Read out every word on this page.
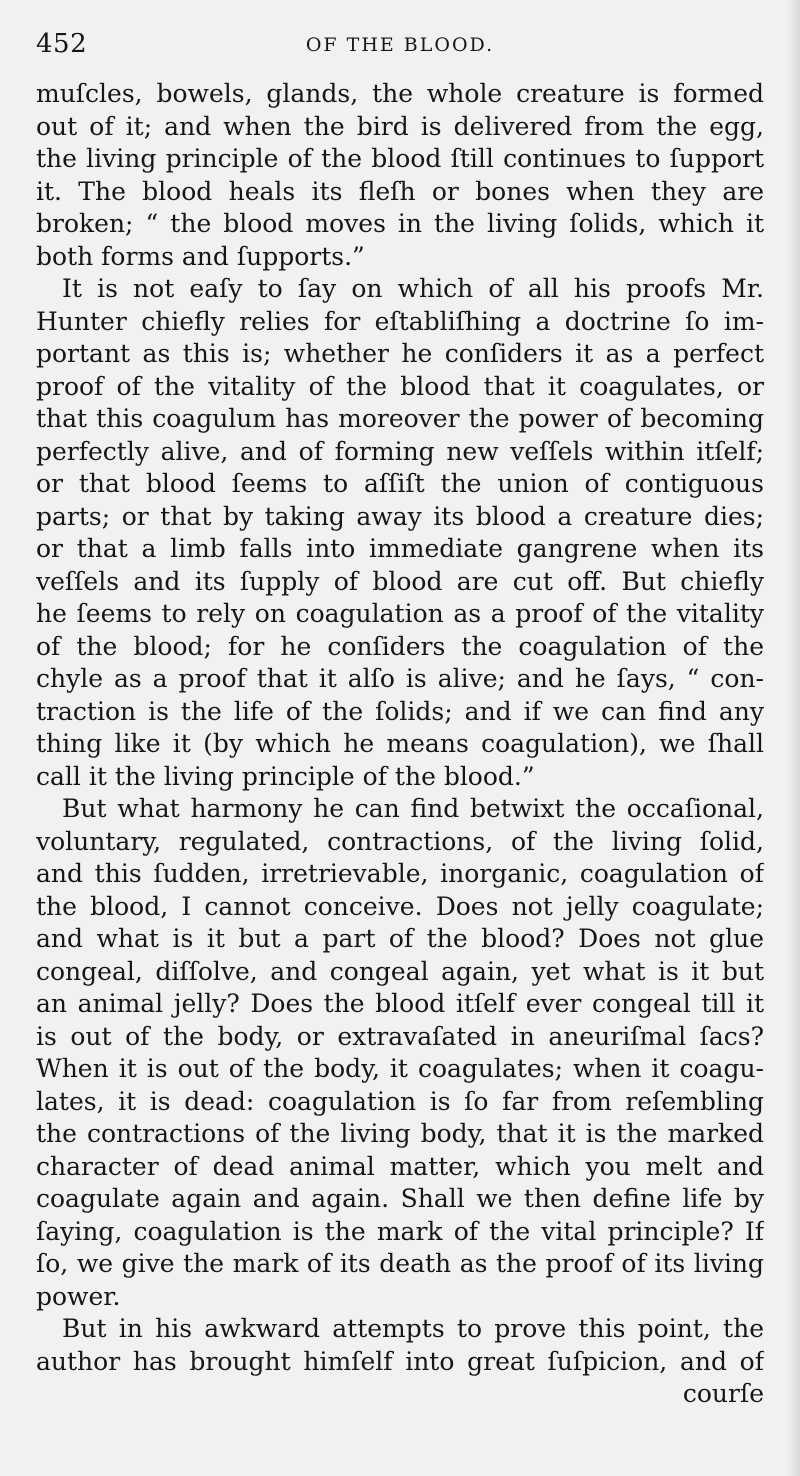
452	OF THE BLOOD.
muſcles, bowels, glands, the whole creature is formed
out of it; and when the bird is delivered from the egg,
the living principle of the blood ſtill continues to ſupport
it. The blood heals its fleſh or bones when they are
broken; “ the blood moves in the living ſolids, which it
both forms and ſupports.”
It is not eaſy to ſay on which of all his proofs Mr.
Hunter chiefly relies for eſtabliſhing a doctrine ſo im-
portant as this is; whether he conſiders it as a perfect
proof of the vitality of the blood that it coagulates, or
that this coagulum has moreover the power of becoming
perfectly alive, and of forming new veſſels within itſelf;
or that blood ſeems to aſſiſt the union of contiguous
parts; or that by taking away its blood a creature dies;
or that a limb falls into immediate gangrene when its
veſſels and its ſupply of blood are cut off. But chiefly
he ſeems to rely on coagulation as a proof of the vitality
of the blood; for he conſiders the coagulation of the
chyle as a proof that it alſo is alive; and he ſays, “ con-
traction is the life of the ſolids; and if we can find any
thing like it (by which he means coagulation), we ſhall
call it the living principle of the blood.”
But what harmony he can find betwixt the occaſional,
voluntary, regulated, contractions, of the living ſolid,
and this ſudden, irretrievable, inorganic, coagulation of
the blood, I cannot conceive. Does not jelly coagulate;
and what is it but a part of the blood? Does not glue
congeal, diſſolve, and congeal again, yet what is it but
an animal jelly? Does the blood itſelf ever congeal till it
is out of the body, or extravaſated in aneuriſmal ſacs?
When it is out of the body, it coagulates; when it coagu-
lates, it is dead: coagulation is ſo far from reſembling
the contractions of the living body, that it is the marked
character of dead animal matter, which you melt and
coagulate again and again. Shall we then define life by
ſaying, coagulation is the mark of the vital principle? If
ſo, we give the mark of its death as the proof of its living
power.
But in his awkward attempts to prove this point, the
author has brought himſelf into great ſuſpicion, and of
courſe
